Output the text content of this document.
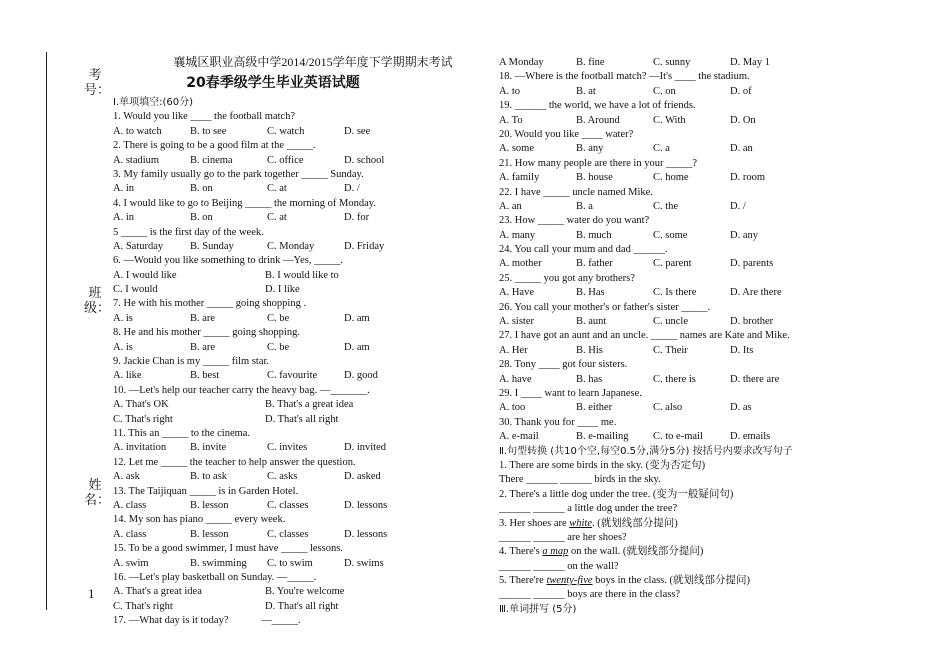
考号：
班级：
姓名：
1
襄城区职业高级中学2014/2015学年度下学期期末考试
20春季级学生毕业英语试题
Ⅰ.单项填空:(60分)
1. Would you like ____ the football match?
A. to watch	B. to see	C. watch	D. see
2. There is going to be a good film at the _____.
A. stadium	B. cinema	C. office	D. school
3. My family usually go to the park together _____ Sunday.
A. in	B. on	C. at	D. /
4. I would like to go to Beijing _____ the morning of Monday.
A. in	B. on	C. at	D. for
5 _____ is the first day of the week.
A. Saturday	B. Sunday	C. Monday	D. Friday
6. —Would you like something to drink —Yes, _____.
A. I would like	B. I would like to
C. I would	D. I like
7. He with his mother _____ going shopping .
A. is	B. are	C. be	D. am
8. He and his mother _____ going shopping.
A. is	B. are	C. be	D. am
9. Jackie Chan is my _____ film star.
A. like	B. best	C. favourite	D. good
10. —Let's help our teacher carry the heavy bag. —_______.
A. That's OK	B. That's a great idea
C. That's right	D. That's all right
11. This an _____ to the cinema.
A. invitation B. invite	C. invites	D. invited
12. Let me _____ the teacher to help answer the question.
A. ask	B. to ask	C. asks	D. asked
13. The Taijiquan _____ is in Garden Hotel.
A. class	B. lesson	C. classes	D. lessons
14. My son has piano _____ every week.
A. class	B. lesson	C. classes	D. lessons
15. To be a good swimmer, I must have _____ lessons.
A. swim	B. swimming C. to swim	D. swims
16. —Let's play basketball on Sunday. —_____.
A. That's a great idea	B. You're welcome
C. That's right	D. That's all right
17. —What day is it today?	—_____.
A Monday	B. fine	C. sunny	D. May 1
18. —Where is the football match? —It's ____ the stadium.
A. to	B. at	C. on	D. of
19. ______ the world, we have a lot of friends.
A. To	B. Around	C. With	D. On
20. Would you like ____ water?
A. some	B. any	C. a	D. an
21. How many people are there in your _____?
A. family	B. house	C. home	D. room
22. I have _____ uncle named Mike.
A. an	B. a	C. the	D. /
23. How _____ water do you want?
A. many	B. much	C. some	D. any
24. You call your mum and dad ______.
A. mother	B. father	C. parent	D. parents
25. _____ you got any brothers?
A. Have	B. Has	C. Is there	D. Are there
26. You call your mother's or father's sister _____.
A. sister	B. aunt	C. uncle	D. brother
27. I have got an aunt and an uncle. _____ names are Kate and Mike.
A. Her	B. His	C. Their	D. Its
28. Tony ____ got four sisters.
A. have	B. has	C. there is	D. there are
29. I ____ want to learn Japanese.
A. too	B. either	C. also	D. as
30. Thank you for ____ me.
A. e-mail	B. e-mailing C. to e-mail	D. emails
Ⅱ.句型转换 (共10个空,每空0.5分,满分5分) 按括号内要求改写句子
1. There are some birds in the sky. (变为否定句)
There ______ ______ birds in the sky.
2. There's a little dog under the tree. (变为一般疑问句)
______ ______ a little dog under the tree?
3. Her shoes are white. (就划线部分提问)
______ ______ are her shoes?
4. There's a map on the wall. (就划线部分提问)
______ ______ on the wall?
5. There're twenty-five boys in the class. (就划线部分提问)
______ ______ boys are there in the class?
Ⅲ.单词拼写 (5分)
